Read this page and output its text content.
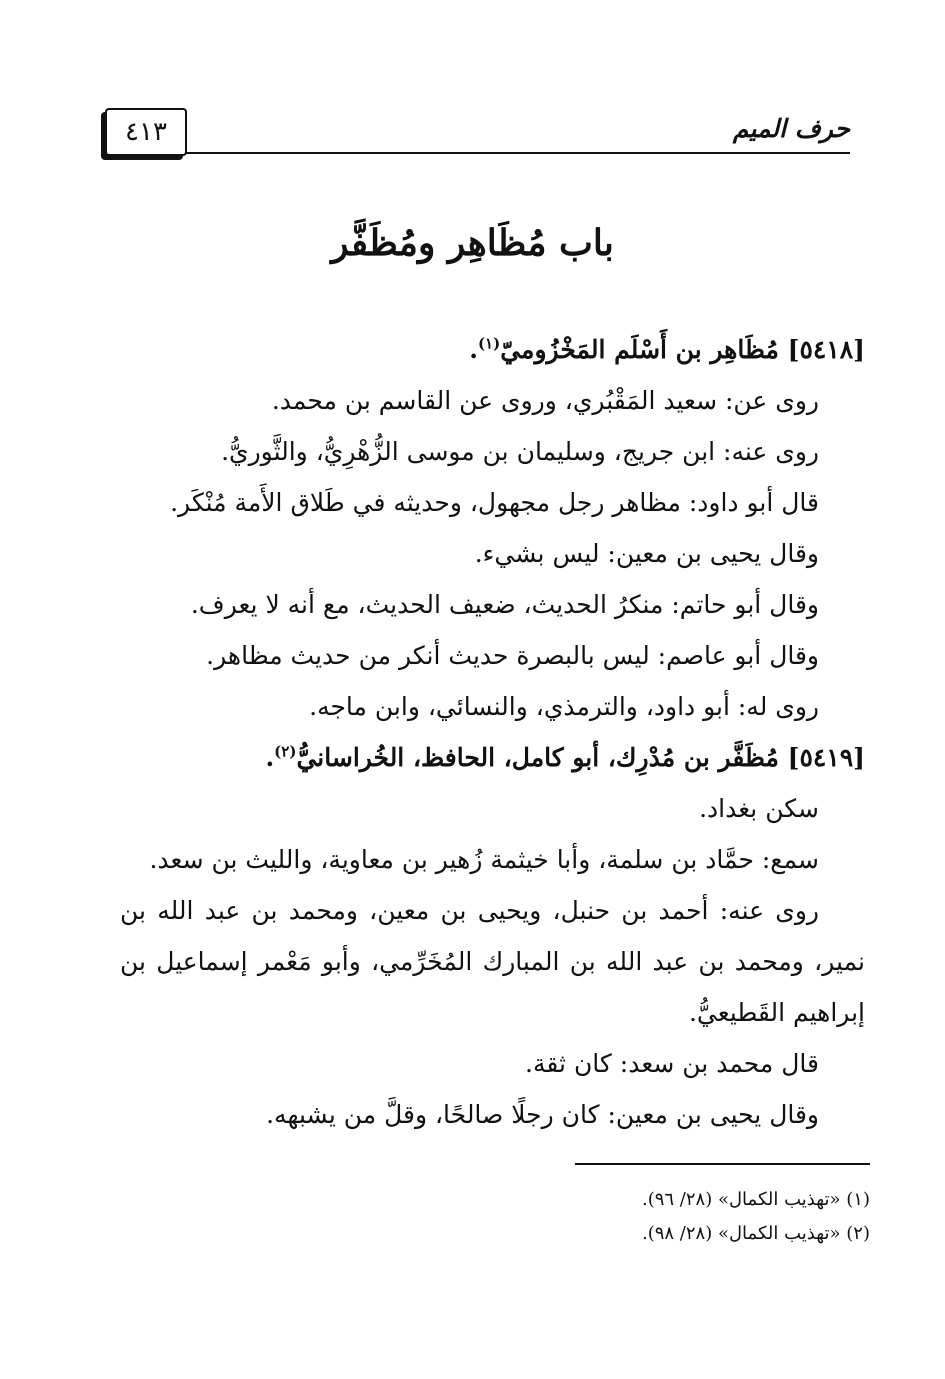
حرف الميم
٤١٣
باب مُظَاهِر ومُظَفَّر
[٥٤١٨] مُظَاهِر بن أَسْلَم المَخْزُوميّ$^{(١)}$.
روى عن: سعيد المَقْبُري، وروى عن القاسم بن محمد.
روى عنه: ابن جريج، وسليمان بن موسى الزُّهْرِيُّ، والثَّوريُّ.
قال أبو داود: مظاهر رجل مجهول، وحديثه في طَلاق الأَمة مُنْكَر.
وقال يحيى بن معين: ليس بشيء.
وقال أبو حاتم: منكرُ الحديث، ضعيف الحديث، مع أنه لا يعرف.
وقال أبو عاصم: ليس بالبصرة حديث أنكر من حديث مظاهر.
روى له: أبو داود، والترمذي، والنسائي، وابن ماجه.
[٥٤١٩] مُظَفَّر بن مُدْرِك، أبو كامل، الحافظ، الخُراسانيُّ$^{(٢)}$.
سكن بغداد.
سمع: حمَّاد بن سلمة، وأبا خيثمة زُهير بن معاوية، والليث بن سعد.
روى عنه: أحمد بن حنبل، ويحيى بن معين، ومحمد بن عبد الله بن
نمير، ومحمد بن عبد الله بن المبارك المُخَرِّمي، وأبو مَعْمر إسماعيل بن
إبراهيم القَطيعيُّ.
قال محمد بن سعد: كان ثقة.
وقال يحيى بن معين: كان رجلًا صالحًا، وقلَّ من يشبهه.
(١) «تهذيب الكمال» (٢٨/ ٩٦).
(٢) «تهذيب الكمال» (٢٨/ ٩٨).
